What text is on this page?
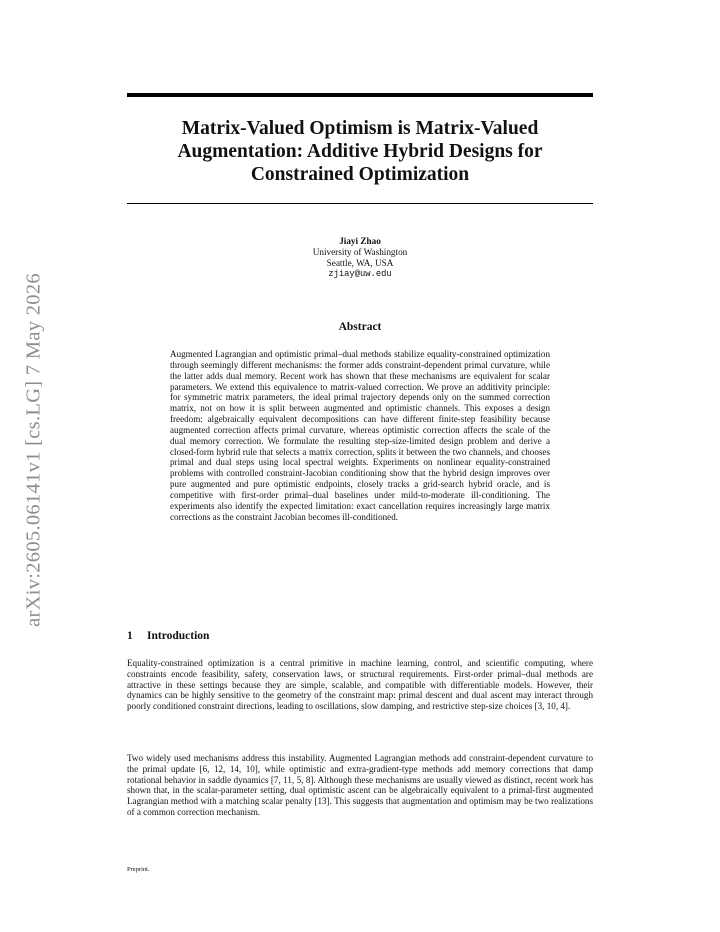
Matrix-Valued Optimism is Matrix-Valued Augmentation: Additive Hybrid Designs for Constrained Optimization
arXiv:2605.06141v1 [cs.LG] 7 May 2026
Jiayi Zhao
University of Washington
Seattle, WA, USA
zjiay@uw.edu
Abstract

Augmented Lagrangian and optimistic primal–dual methods stabilize equality-constrained optimization through seemingly different mechanisms: the former adds constraint-dependent primal curvature, while the latter adds dual memory. Recent work has shown that these mechanisms are equivalent for scalar parameters. We extend this equivalence to matrix-valued correction. We prove an additivity principle: for symmetric matrix parameters, the ideal primal trajectory depends only on the summed correction matrix, not on how it is split between augmented and optimistic channels. This exposes a design freedom: algebraically equivalent decompositions can have different finite-step feasibility because augmented correction affects primal curvature, whereas optimistic correction affects the scale of the dual memory correction. We formulate the resulting step-size-limited design problem and derive a closed-form hybrid rule that selects a matrix correction, splits it between the two channels, and chooses primal and dual steps using local spectral weights. Experiments on nonlinear equality-constrained problems with controlled constraint-Jacobian conditioning show that the hybrid design improves over pure augmented and pure optimistic endpoints, closely tracks a grid-search hybrid oracle, and is competitive with first-order primal–dual baselines under mild-to-moderate ill-conditioning. The experiments also identify the expected limitation: exact cancellation requires increasingly large matrix corrections as the constraint Jacobian becomes ill-conditioned.

1 Introduction

Equality-constrained optimization is a central primitive in machine learning, control, and scientific computing, where constraints encode feasibility, safety, conservation laws, or structural requirements. First-order primal–dual methods are attractive in these settings because they are simple, scalable, and compatible with differentiable models. However, their dynamics can be highly sensitive to the geometry of the constraint map: primal descent and dual ascent may interact through poorly conditioned constraint directions, leading to oscillations, slow damping, and restrictive step-size choices [3, 10, 4].

Two widely used mechanisms address this instability. Augmented Lagrangian methods add constraint-dependent curvature to the primal update [6, 12, 14, 10], while optimistic and extra-gradient-type methods add memory corrections that damp rotational behavior in saddle dynamics [7, 11, 5, 8]. Although these mechanisms are usually viewed as distinct, recent work has shown that, in the scalar-parameter setting, dual optimistic ascent can be algebraically equivalent to a primal-first augmented Lagrangian method with a matching scalar penalty [13]. This suggests that augmentation and optimism may be two realizations of a common correction mechanism.

Preprint.
